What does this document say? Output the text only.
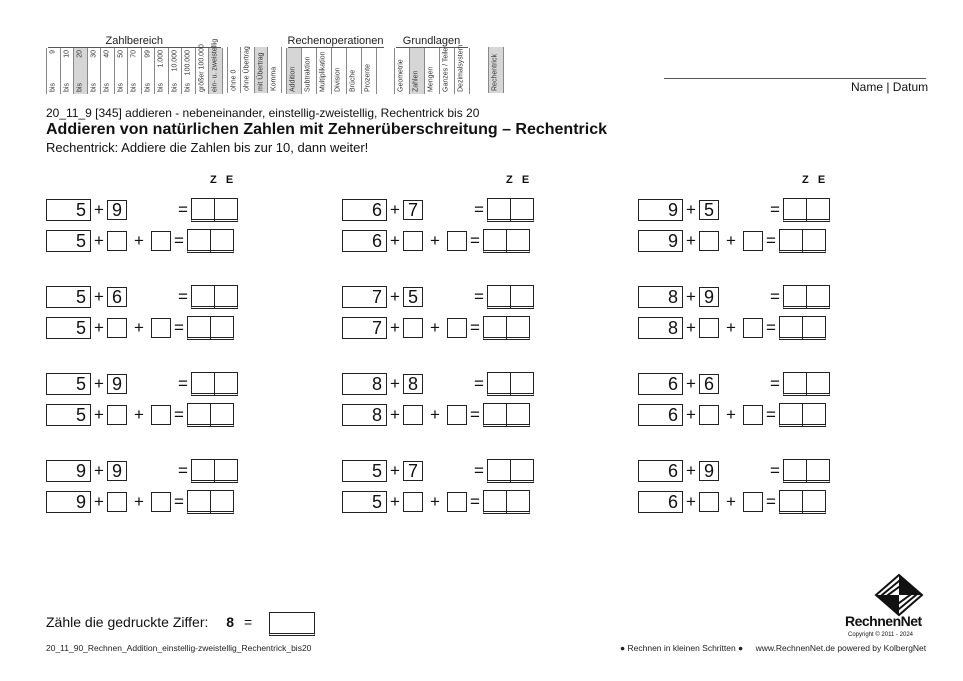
Zahlbereich
9
bis
10
bis
20
bis
30
bis
40
bis
50
bis
70
bis
99
bis
1.000
bis
10.000
bis
100.000
bis größer 100.000 ein- u. zweistellig ohne 0 ohne Übertrag mit Übertrag Komma
Rechenoperationen
Addition Subtraktion Multiplikation Division Brüche Prozente
Grundlagen
Geometrie Zahlen Mengen Ganzes / Teile Dezimalsystem	Rechentrick	Name | Datum
20_11_9 [345] addieren - nebeneinander, einstellig-zweistellig, Rechentrick bis 20
Addieren von natürlichen Zahlen mit Zehnerüberschreitung – Rechentrick
Rechentrick: Addiere die Zahlen bis zur 10, dann weiter!
Z   E
5 + 9	=
5 + + =
5 + 6	=
5 + + =
5 + 9	=
5 + + =
9 + 9	=
9 + + =
Z   E
6 + 7	=
6 + + =
7 + 5	=
7 + + =
8 + 8	=
8 + + =
5 + 7	=
5 + + =
Z   E
9 + 5	=
9 + + =
8 + 9	=
8 + + =
6 + 6	=
6 + + =
6 + 9	=
6 + + =
Zähle die gedruckte Ziffer: 8 =
20_11_90_Rechnen_Addition_einstellig-zweistellig_Rechentrick_bis20	● Rechnen in kleinen Schritten ● www.RechnenNet.de powered by KolbergNet
RechnenNet
Copyright © 2011 - 2024
